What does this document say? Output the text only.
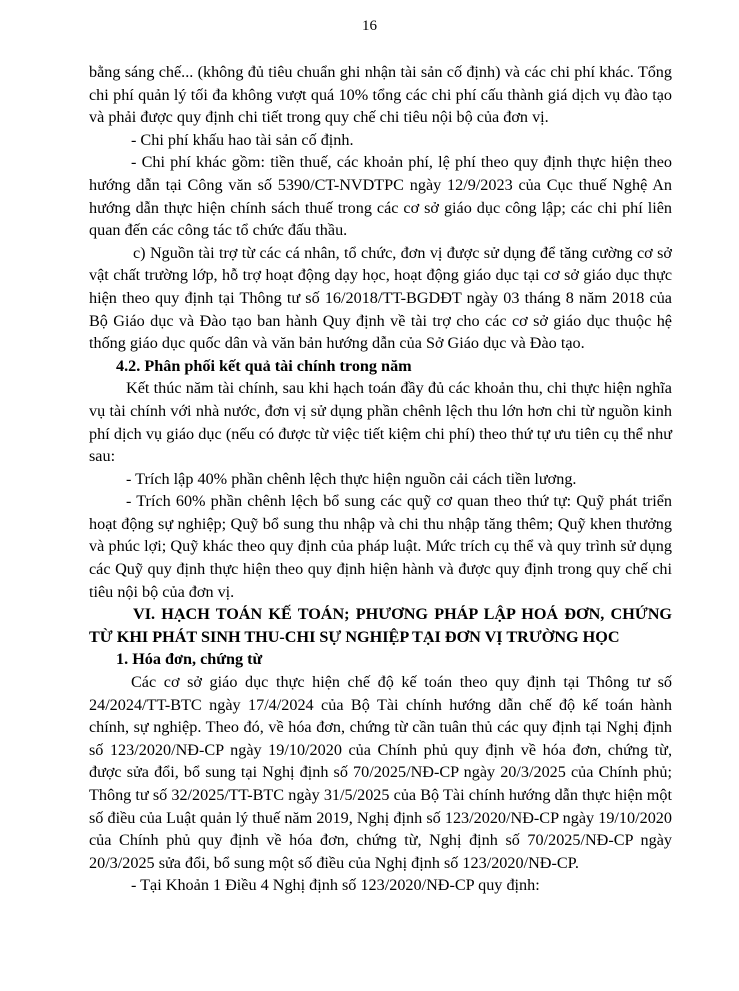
16

bằng sáng chế... (không đủ tiêu chuẩn ghi nhận tài sản cố định) và các chi phí khác. Tổng chi phí quản lý tối đa không vượt quá 10% tổng các chi phí cấu thành giá dịch vụ đào tạo và phải được quy định chi tiết trong quy chế chi tiêu nội bộ của đơn vị.

- Chi phí khấu hao tài sản cố định.

- Chi phí khác gồm: tiền thuế, các khoản phí, lệ phí theo quy định thực hiện theo hướng dẫn tại Công văn số 5390/CT-NVDTPC ngày 12/9/2023 của Cục thuế Nghệ An hướng dẫn thực hiện chính sách thuế trong các cơ sở giáo dục công lập; các chi phí liên quan đến các công tác tổ chức đấu thầu.

c) Nguồn tài trợ từ các cá nhân, tổ chức, đơn vị được sử dụng để tăng cường cơ sở vật chất trường lớp, hỗ trợ hoạt động dạy học, hoạt động giáo dục tại cơ sở giáo dục thực hiện theo quy định tại Thông tư số 16/2018/TT-BGDĐT ngày 03 tháng 8 năm 2018 của Bộ Giáo dục và Đào tạo ban hành Quy định về tài trợ cho các cơ sở giáo dục thuộc hệ thống giáo dục quốc dân và văn bản hướng dẫn của Sở Giáo dục và Đào tạo.

4.2. Phân phối kết quả tài chính trong năm

Kết thúc năm tài chính, sau khi hạch toán đầy đủ các khoản thu, chi thực hiện nghĩa vụ tài chính với nhà nước, đơn vị sử dụng phần chênh lệch thu lớn hơn chi từ nguồn kinh phí dịch vụ giáo dục (nếu có được từ việc tiết kiệm chi phí) theo thứ tự ưu tiên cụ thể như sau:

- Trích lập 40% phần chênh lệch thực hiện nguồn cải cách tiền lương.

- Trích 60% phần chênh lệch bổ sung các quỹ cơ quan theo thứ tự: Quỹ phát triển hoạt động sự nghiệp; Quỹ bổ sung thu nhập và chi thu nhập tăng thêm; Quỹ khen thưởng và phúc lợi; Quỹ khác theo quy định của pháp luật. Mức trích cụ thể và quy trình sử dụng các Quỹ quy định thực hiện theo quy định hiện hành và được quy định trong quy chế chi tiêu nội bộ của đơn vị.

VI. HẠCH TOÁN KẾ TOÁN; PHƯƠNG PHÁP LẬP HOÁ ĐƠN, CHỨNG TỪ KHI PHÁT SINH THU-CHI SỰ NGHIỆP TẠI ĐƠN VỊ TRƯỜNG HỌC

1. Hóa đơn, chứng từ

Các cơ sở giáo dục thực hiện chế độ kế toán theo quy định tại Thông tư số 24/2024/TT-BTC ngày 17/4/2024 của Bộ Tài chính hướng dẫn chế độ kế toán hành chính, sự nghiệp. Theo đó, về hóa đơn, chứng từ cần tuân thủ các quy định tại Nghị định số 123/2020/NĐ-CP ngày 19/10/2020 của Chính phủ quy định về hóa đơn, chứng từ, được sửa đổi, bổ sung tại Nghị định số 70/2025/NĐ-CP ngày 20/3/2025 của Chính phủ; Thông tư số 32/2025/TT-BTC ngày 31/5/2025 của Bộ Tài chính hướng dẫn thực hiện một số điều của Luật quản lý thuế năm 2019, Nghị định số 123/2020/NĐ-CP ngày 19/10/2020 của Chính phủ quy định về hóa đơn, chứng từ, Nghị định số 70/2025/NĐ-CP ngày 20/3/2025 sửa đổi, bổ sung một số điều của Nghị định số 123/2020/NĐ-CP.

- Tại Khoản 1 Điều 4 Nghị định số 123/2020/NĐ-CP quy định:
